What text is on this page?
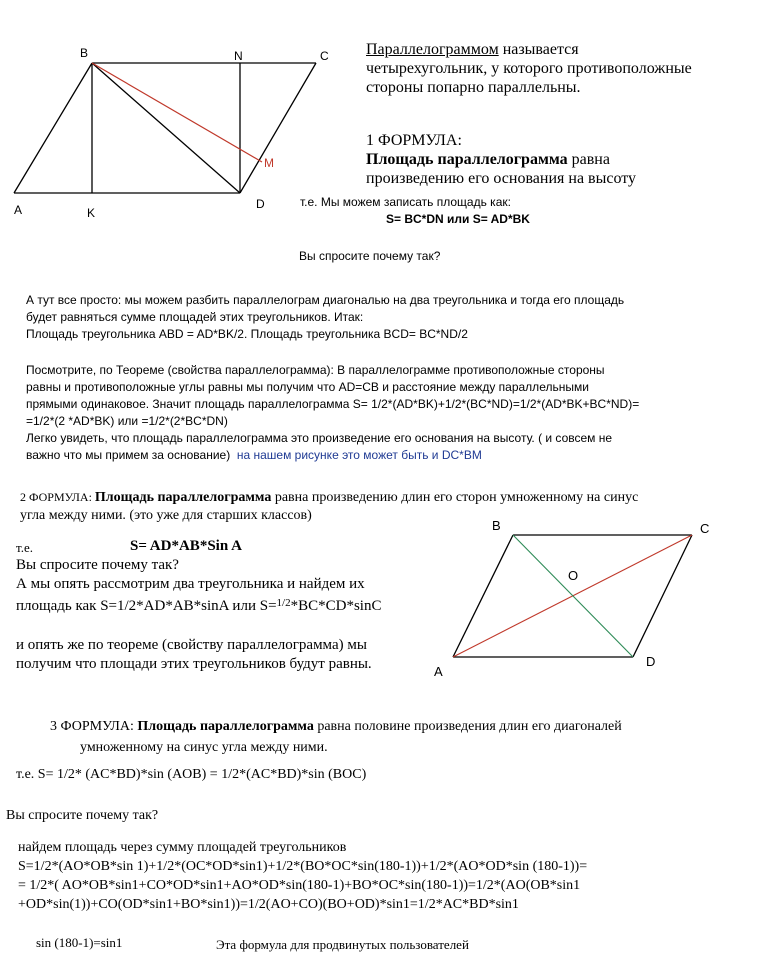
B	N	C
M
A	K
D
Параллелограммом называется
четырехугольник, у которого противоположные
стороны попарно параллельны.
1 ФОРМУЛА:
Площадь параллелограмма равна
произведению его основания на высоту
т.е. Мы можем записать площадь как:
S= BC*DN или S= AD*BK
Вы спросите почему так?
А тут все просто: мы можем разбить параллелограм диагональю на два треугольника и тогда его площадь
будет равняться сумме площадей этих треугольников. Итак:
Площадь треугольника ABD = AD*BK/2. Площадь треугольника BCD= BC*ND/2
Посмотрите, по Теореме (свойства параллелограмма): В параллелограмме противоположные стороны
равны и противоположные углы равны мы получим что AD=CB и расстояние между параллельными
прямыми одинаковое. Значит площадь параллелограмма S= 1/2*(AD*BK)+1/2*(BC*ND)=1/2*(AD*BK+BC*ND)=
=1/2*(2 *AD*BK) или =1/2*(2*BC*DN)
Легко увидеть, что площадь параллелограмма это произведение его основания на высоту. ( и совсем не
важно что мы примем за основание) на нашем рисунке это может быть и DC*BM
2 ФОРМУЛА: Площадь параллелограмма равна произведению длин его сторон умноженному на синус
угла между ними. (это уже для старших классов)
т.е.	S= AD*AB*Sin A
Вы спросите почему так?
А мы опять рассмотрим два треугольника и найдем их
площадь как S=1/2*AD*AB*sinA или S=$^{1/2}$*BC*CD*sinC
и опять же по теореме (свойству параллелограмма) мы
получим что площади этих треугольников будут равны.
B	C
O
A
D
3 ФОРМУЛА: Площадь параллелограмма равна половине произведения длин его диагоналей
умноженному на синус угла между ними.
т.е. S= 1/2* (AC*BD)*sin (AOB) = 1/2*(AC*BD)*sin (BOC)
Вы спросите почему так?
найдем площадь через сумму площадей треугольников
S=1/2*(AO*OB*sin 1)+1/2*(OC*OD*sin1)+1/2*(BO*OC*sin(180-1))+1/2*(AO*OD*sin (180-1))=
= 1/2*( AO*OB*sin1+CO*OD*sin1+AO*OD*sin(180-1)+BO*OC*sin(180-1))=1/2*(AO(OB*sin1
+OD*sin(1))+CO(OD*sin1+BO*sin1))=1/2(AO+CO)(BO+OD)*sin1=1/2*AC*BD*sin1
sin (180-1)=sin1	Эта формула для продвинутых пользователей
